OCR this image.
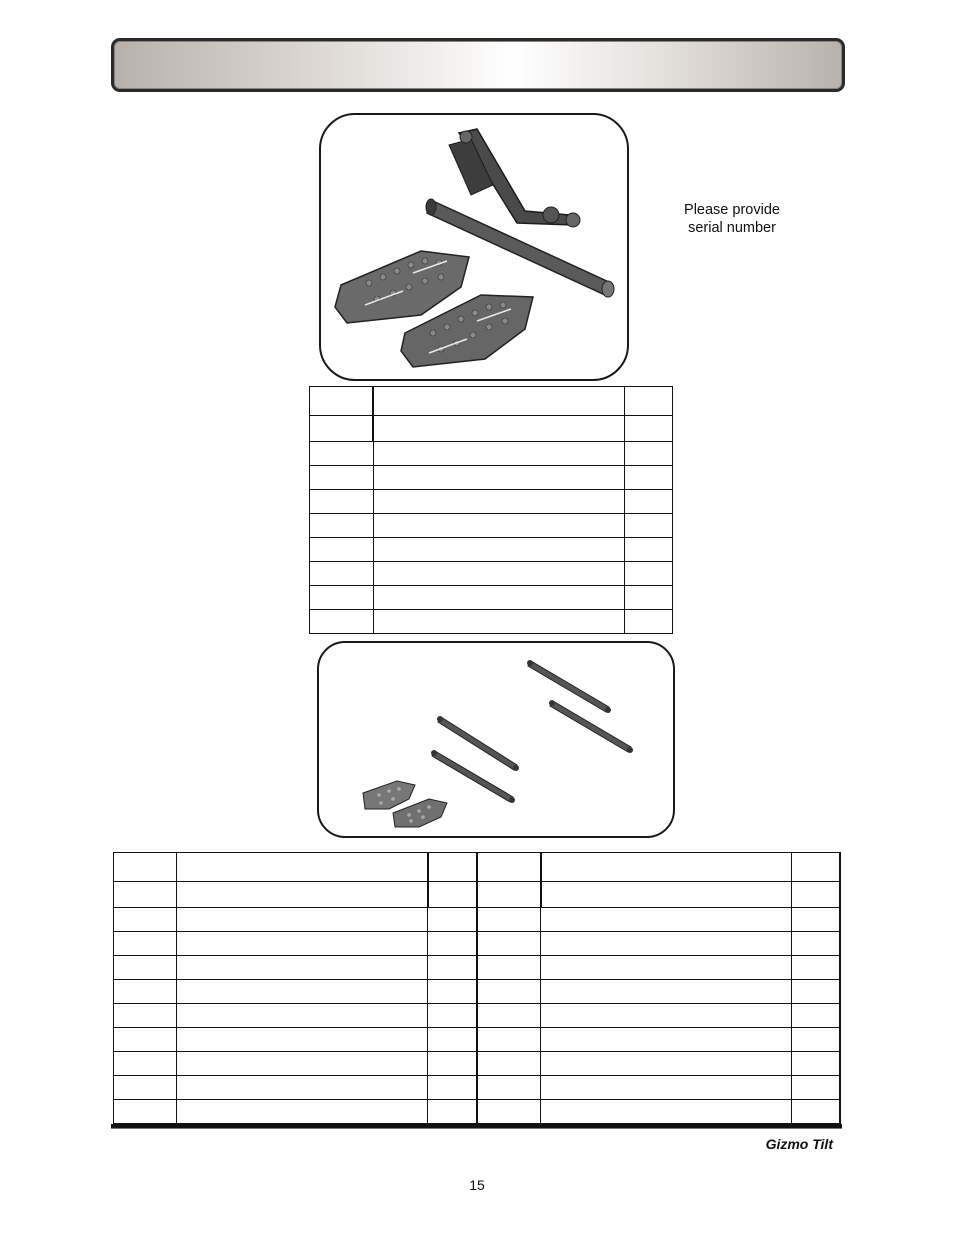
Please provide
serial number

Gizmo Tilt
15
